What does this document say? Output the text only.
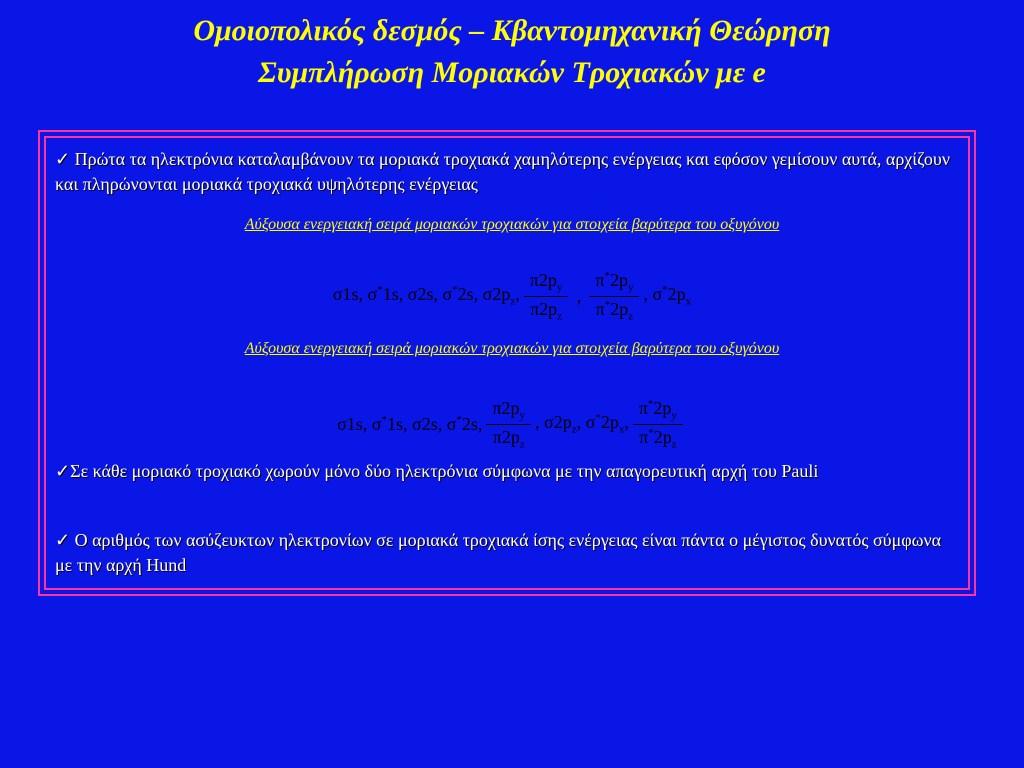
Ομοιοπολικός δεσμός – Κβαντομηχανική Θεώρηση
Συμπλήρωση Μοριακών Τροχιακών με e
✓ Πρώτα τα ηλεκτρόνια καταλαμβάνουν τα μοριακά τροχιακά χαμηλότερης ενέργειας και εφόσον γεμίσουν αυτά, αρχίζουν και πληρώνονται μοριακά τροχιακά υψηλότερης ενέργειας
Αύξουσα ενεργειακή σειρά μοριακών τροχιακών για στοιχεία βαρύτερα του οξυγόνου
σ1s, σ*1s, σ2s, σ*2s, $\sigma 2p_z$, $\frac{\pi 2p_y}{\pi 2p_z}$ , $\frac{\pi^*2p_y}{\pi^*2p_z}$ , $\sigma^*2p_x$
Αύξουσα ενεργειακή σειρά μοριακών τροχιακών για στοιχεία βαρύτερα του οξυγόνου
σ1s, σ*1s, σ2s, σ*2s, $\frac{\pi 2p_y}{\pi 2p_z}$ , $\sigma 2p_z$, $\sigma^*2p_x$, $\frac{\pi^*2p_y}{\pi^*2p_z}$
✓Σε κάθε μοριακό τροχιακό χωρούν μόνο δύο ηλεκτρόνια σύμφωνα με την απαγορευτική αρχή του Pauli
✓ Ο αριθμός των ασύζευκτων ηλεκτρονίων σε μοριακά τροχιακά ίσης ενέργειας είναι πάντα ο μέγιστος δυνατός σύμφωνα με την αρχή Hund
